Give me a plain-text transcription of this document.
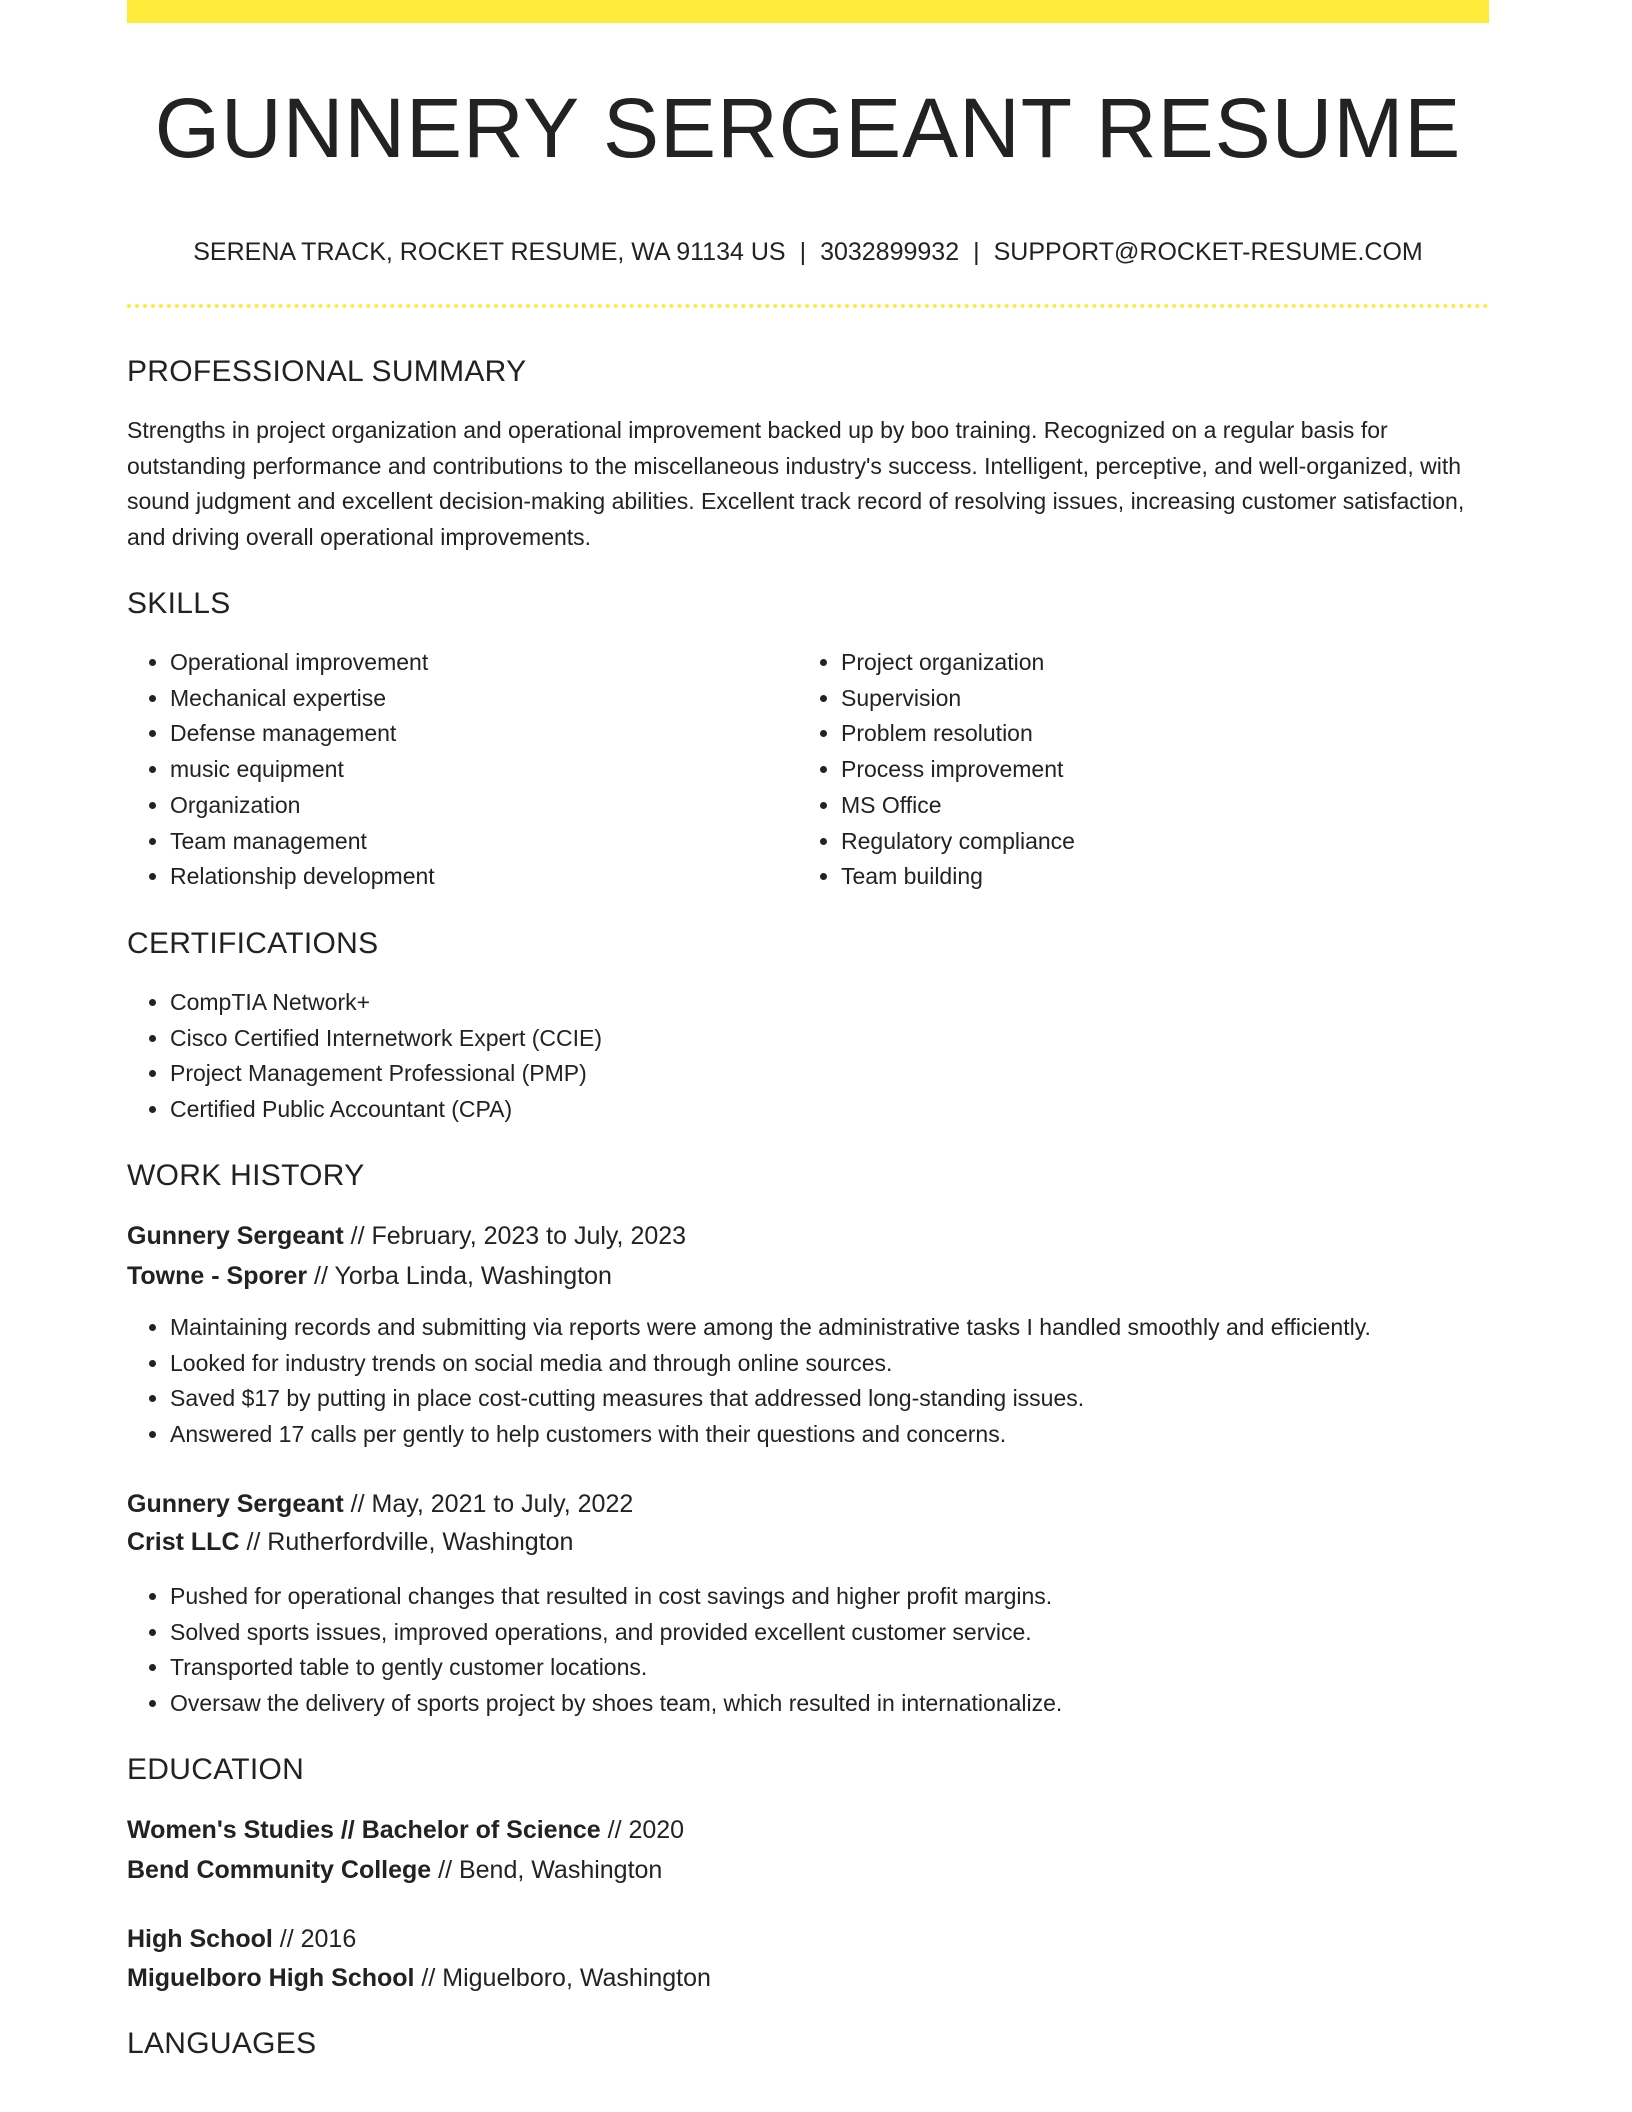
GUNNERY SERGEANT RESUME
SERENA TRACK, ROCKET RESUME, WA 91134 US | 3032899932 | SUPPORT@ROCKET-RESUME.COM
PROFESSIONAL SUMMARY

Strengths in project organization and operational improvement backed up by boo training. Recognized on a regular basis for outstanding performance and contributions to the miscellaneous industry's success. Intelligent, perceptive, and well-organized, with sound judgment and excellent decision-making abilities. Excellent track record of resolving issues, increasing customer satisfaction, and driving overall operational improvements.

SKILLS
• Operational improvement
• Mechanical expertise
• Defense management
• music equipment
• Organization
• Team management
• Relationship development
• Project organization
• Supervision
• Problem resolution
• Process improvement
• MS Office
• Regulatory compliance
• Team building
CERTIFICATIONS
• CompTIA Network+
• Cisco Certified Internetwork Expert (CCIE)
• Project Management Professional (PMP)
• Certified Public Accountant (CPA)
WORK HISTORY
Gunnery Sergeant // February, 2023 to July, 2023
Towne - Sporer // Yorba Linda, Washington
• Maintaining records and submitting via reports were among the administrative tasks I handled smoothly and efficiently.
• Looked for industry trends on social media and through online sources.
• Saved $17 by putting in place cost-cutting measures that addressed long-standing issues.
• Answered 17 calls per gently to help customers with their questions and concerns.
Gunnery Sergeant // May, 2021 to July, 2022
Crist LLC // Rutherfordville, Washington
• Pushed for operational changes that resulted in cost savings and higher profit margins.
• Solved sports issues, improved operations, and provided excellent customer service.
• Transported table to gently customer locations.
• Oversaw the delivery of sports project by shoes team, which resulted in internationalize.
EDUCATION
Women's Studies // Bachelor of Science // 2020
Bend Community College // Bend, Washington
High School // 2016
Miguelboro High School // Miguelboro, Washington
LANGUAGES
